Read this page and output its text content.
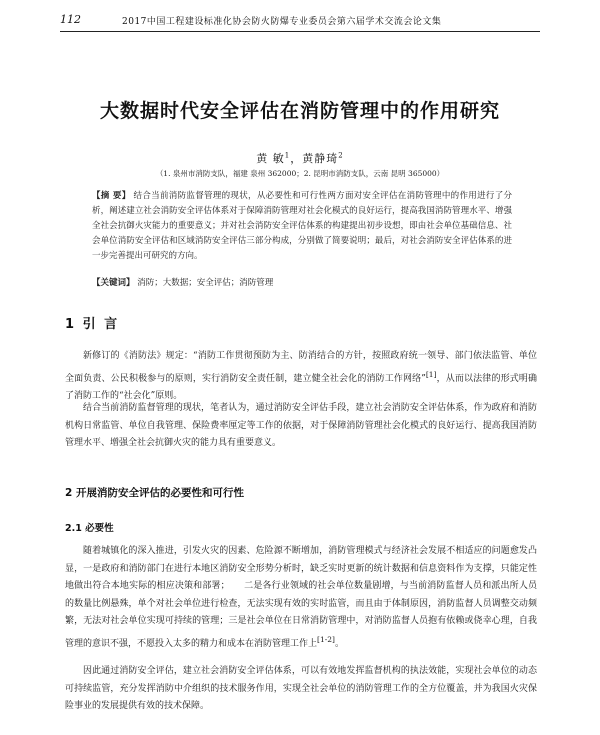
112	2017中国工程建设标准化协会防火防爆专业委员会第六届学术交流会论文集
大数据时代安全评估在消防管理中的作用研究
黄 敏$^1$，黄静琦$^2$
（1. 泉州市消防支队，福建 泉州 362000；2. 昆明市消防支队，云南 昆明 365000）
【摘 要】 结合当前消防监督管理的现状，从必要性和可行性两方面对安全评估在消防管理中的作用进行了分析，阐述建立社会消防安全评估体系对于保障消防管理对社会化模式的良好运行，提高我国消防管理水平、增强全社会抗御火灾能力的重要意义；并对社会消防安全评估体系的构建提出初步设想，即由社会单位基础信息、社会单位消防安全评估和区域消防安全评估三部分构成，分别做了简要说明；最后，对社会消防安全评估体系的进一步完善提出可研究的方向。
【关键词】 消防；大数据；安全评估；消防管理
1 引 言
新修订的《消防法》规定：“消防工作贯彻预防为主、防消结合的方针，按照政府统一领导、部门依法监管、单位全面负责、公民积极参与的原则，实行消防安全责任制，建立健全社会化的消防工作网络”[1]，从而以法律的形式明确了消防工作的“社会化”原则。
结合当前消防监督管理的现状，笔者认为，通过消防安全评估手段，建立社会消防安全评估体系，作为政府和消防机构日常监管、单位自我管理、保险费率厘定等工作的依据，对于保障消防管理社会化模式的良好运行、提高我国消防管理水平、增强全社会抗御火灾的能力具有重要意义。
2 开展消防安全评估的必要性和可行性
2.1 必要性
随着城镇化的深入推进，引发火灾的因素、危险源不断增加，消防管理模式与经济社会发展不相适应的问题愈发凸显，一是政府和消防部门在进行本地区消防安全形势分析时，缺乏实时更新的统计数据和信息资料作为支撑，只能定性地做出符合本地实际的相应决策和部署； 二是各行业领域的社会单位数量剧增，与当前消防监督人员和派出所人员的数量比例悬殊，单个对社会单位进行检查，无法实现有效的实时监管，而且由于体制原因，消防监督人员调整交动频繁，无法对社会单位实现可持续的管理；三是社会单位在日常消防管理中，对消防监督人员抱有依赖或侥幸心理，自我管理的意识不强，不愿投入太多的精力和成本在消防管理工作上[1-2]。
因此通过消防安全评估，建立社会消防安全评估体系，可以有效地发挥监督机构的执法效能，实现社会单位的动态可持续监管，充分发挥消防中介组织的技术服务作用，实现全社会单位的消防管理工作的全方位覆盖，并为我国火灾保险事业的发展提供有效的技术保障。
